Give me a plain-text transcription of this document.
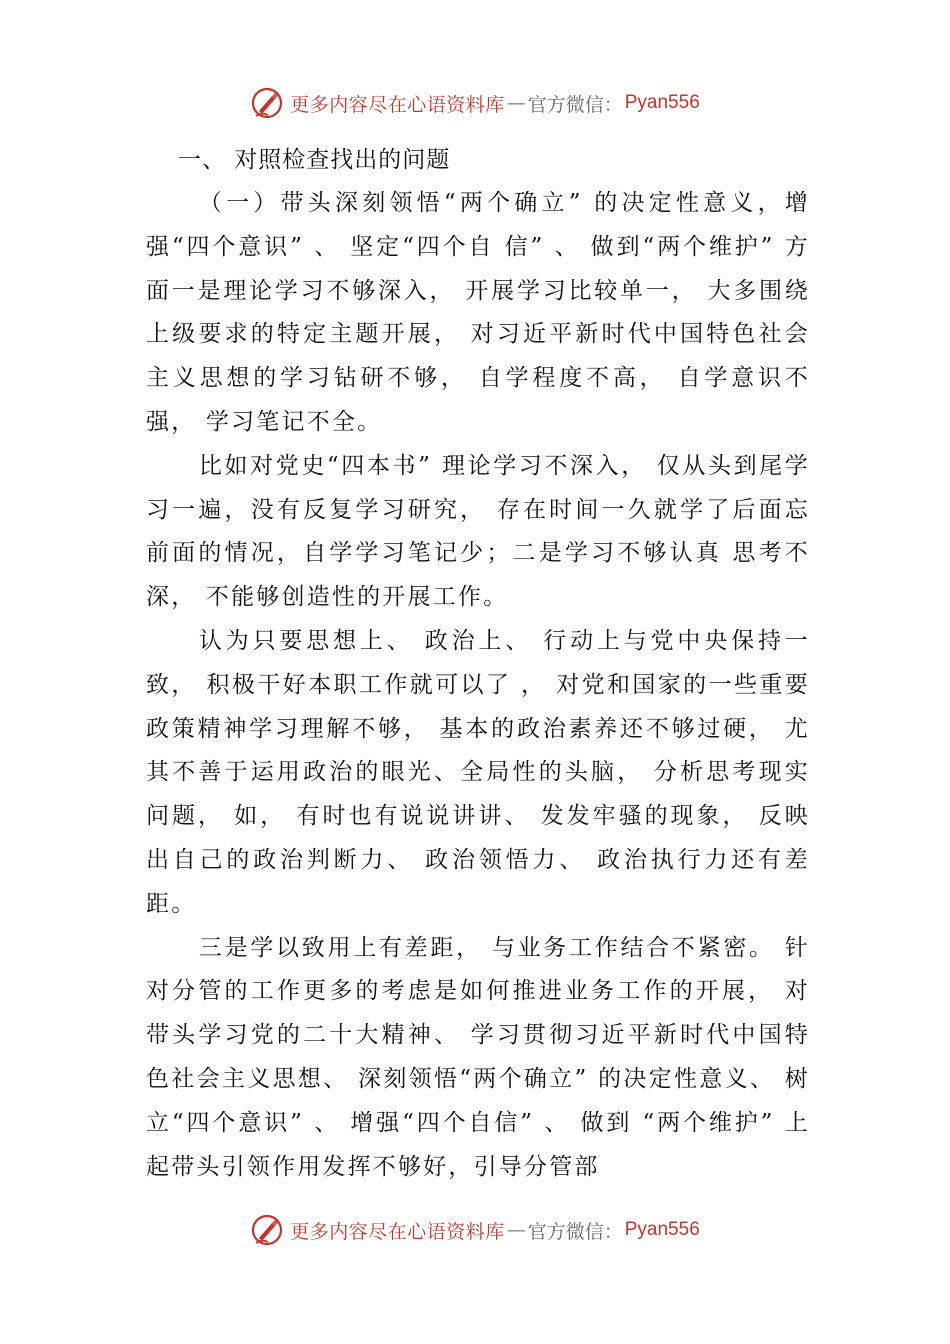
更多内容尽在心语资料库 — 官方微信： Pyan556

一、 对照检查找出的问题

（一）带头深刻领悟“两个确立” 的决定性意义，增强“四个意识” 、 坚定“四个自 信” 、 做到“两个维护” 方面一是理论学习不够深入， 开展学习比较单一， 大多围绕上级要求的特定主题开展， 对习近平新时代中国特色社会主义思想的学习钻研不够， 自学程度不高， 自学意识不强， 学习笔记不全。

比如对党史“四本书” 理论学习不深入， 仅从头到尾学习一遍，没有反复学习研究， 存在时间一久就学了后面忘前面的情况，自学学习笔记少；二是学习不够认真 思考不深， 不能够创造性的开展工作。

认为只要思想上、 政治上、 行动上与党中央保持一致， 积极干好本职工作就可以了 ， 对党和国家的一些重要政策精神学习理解不够， 基本的政治素养还不够过硬， 尤其不善于运用政治的眼光、全局性的头脑， 分析思考现实问题， 如， 有时也有说说讲讲、 发发牢骚的现象， 反映出自己的政治判断力、 政治领悟力、 政治执行力还有差距。

三是学以致用上有差距， 与业务工作结合不紧密。 针对分管的工作更多的考虑是如何推进业务工作的开展， 对带头学习党的二十大精神、 学习贯彻习近平新时代中国特色社会主义思想、 深刻领悟“两个确立” 的决定性意义、 树立“四个意识” 、 增强“四个自信” 、 做到 “两个维护” 上起带头引领作用发挥不够好，引导分管部

更多内容尽在心语资料库 — 官方微信： Pyan556
